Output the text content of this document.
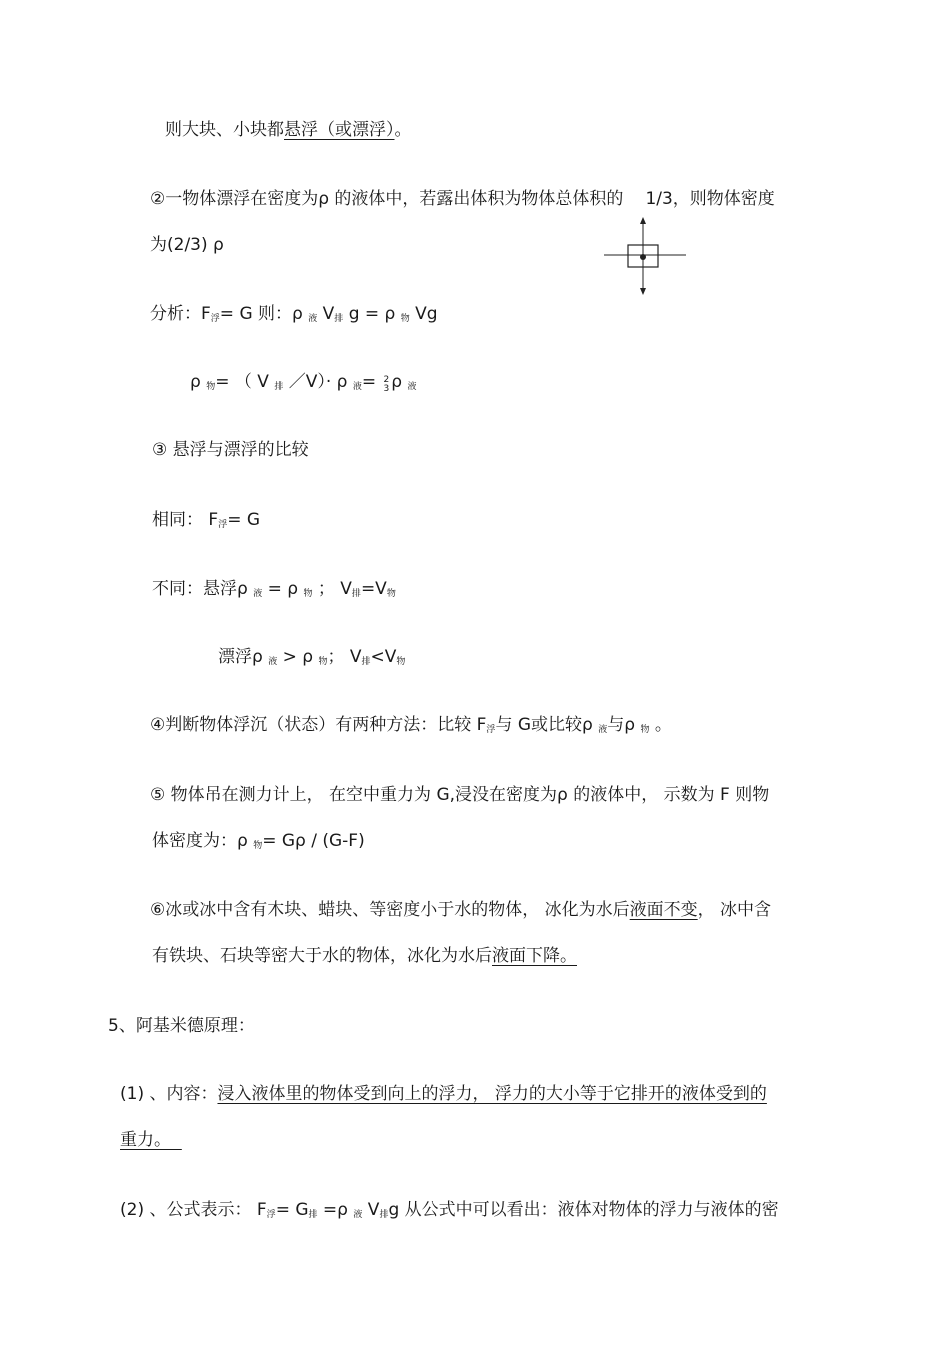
则大块、小块都悬浮（或漂浮）。
②一物体漂浮在密度为ρ 的液体中，若露出体积为物体总体积的 1/3，则物体密度
为(2/3) ρ
分析：$F_浮= G$ 则：ρ $_液$ $V_排$ g = ρ $_物$ Vg
ρ $_物$= （ V $_排$ ／V）· ρ $_液$= 2
3 ρ $_液$
③ 悬浮与漂浮的比较
相同： $F_浮= G$
不同：悬浮ρ $_液$ = ρ $_物$ ； $V_排=V_物$
漂浮ρ $_液$ > ρ $_物$； $V_排<V_物$
④判断物体浮沉（状态）有两种方法：比较 $F_浮$与 G或比较ρ $_液$与ρ $_物$ 。
⑤ 物体吊在测力计上， 在空中重力为 G,浸没在密度为ρ 的液体中， 示数为 F 则物
体密度为：ρ $_物$= Gρ / (G-F)
⑥冰或冰中含有木块、蜡块、等密度小于水的物体， 冰化为水后液面不变， 冰中含
有铁块、石块等密大于水的物体，冰化为水后液面下降。
5、阿基米德原理：
(1) 、内容：浸入液体里的物体受到向上的浮力， 浮力的大小等于它排开的液体受到的
重力。
(2) 、公式表示： $F_浮= G_排 =\rho$ $_液$ $V_排g$ 从公式中可以看出：液体对物体的浮力与液体的密
